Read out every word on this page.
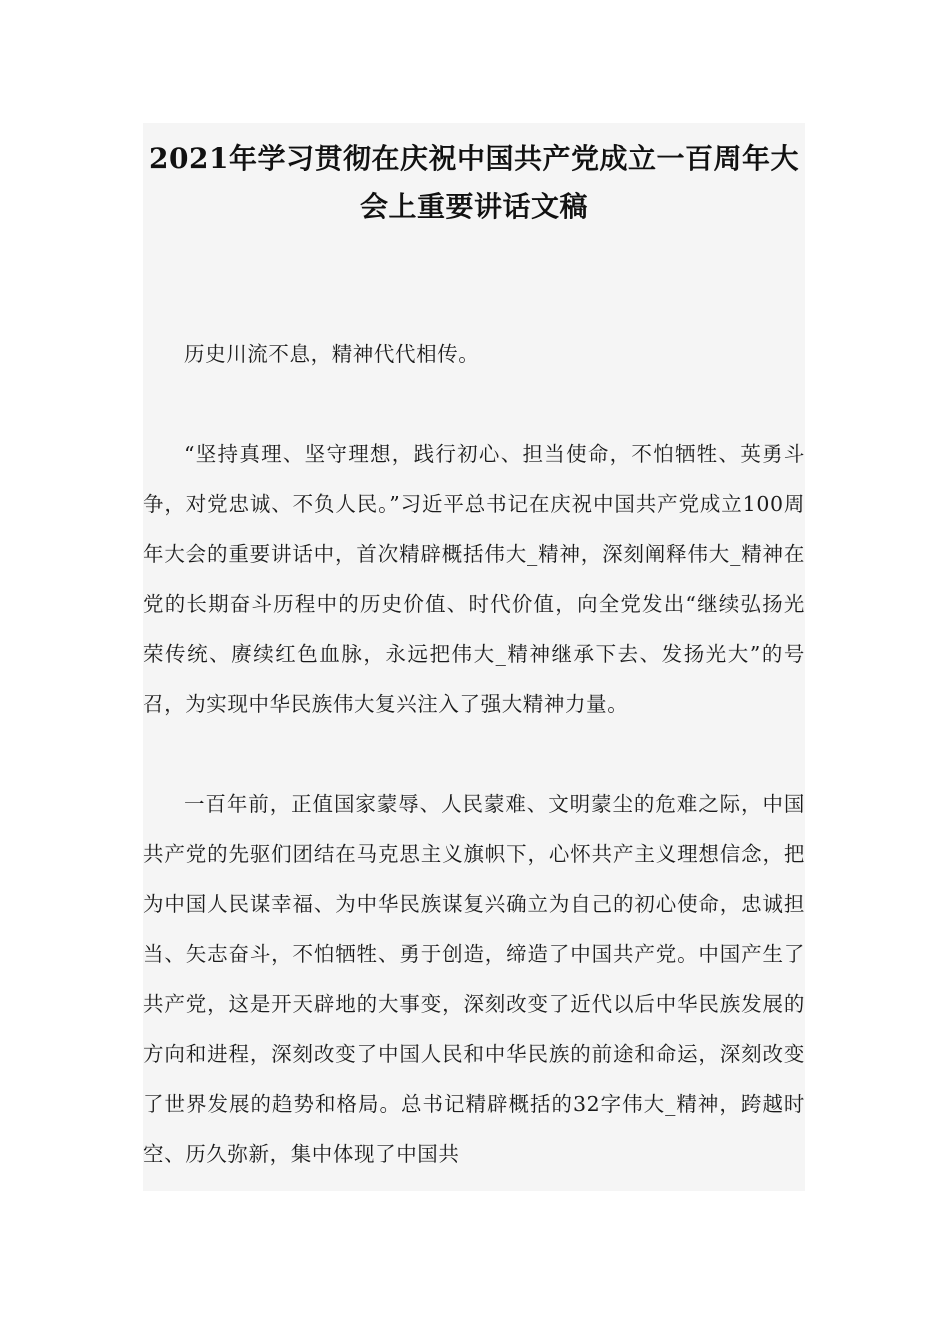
2021年学习贯彻在庆祝中国共产党成立一百周年大会上重要讲话文稿

历史川流不息，精神代代相传。

“坚持真理、坚守理想，践行初心、担当使命，不怕牺牲、英勇斗争，对党忠诚、不负人民。”习近平总书记在庆祝中国共产党成立100周年大会的重要讲话中，首次精辟概括伟大_精神，深刻阐释伟大_精神在党的长期奋斗历程中的历史价值、时代价值，向全党发出“继续弘扬光荣传统、赓续红色血脉，永远把伟大_精神继承下去、发扬光大”的号召，为实现中华民族伟大复兴注入了强大精神力量。

一百年前，正值国家蒙辱、人民蒙难、文明蒙尘的危难之际，中国共产党的先驱们团结在马克思主义旗帜下，心怀共产主义理想信念，把为中国人民谋幸福、为中华民族谋复兴确立为自己的初心使命，忠诚担当、矢志奋斗，不怕牺牲、勇于创造，缔造了中国共产党。中国产生了共产党，这是开天辟地的大事变，深刻改变了近代以后中华民族发展的方向和进程，深刻改变了中国人民和中华民族的前途和命运，深刻改变了世界发展的趋势和格局。总书记精辟概括的32字伟大_精神，跨越时空、历久弥新，集中体现了中国共
